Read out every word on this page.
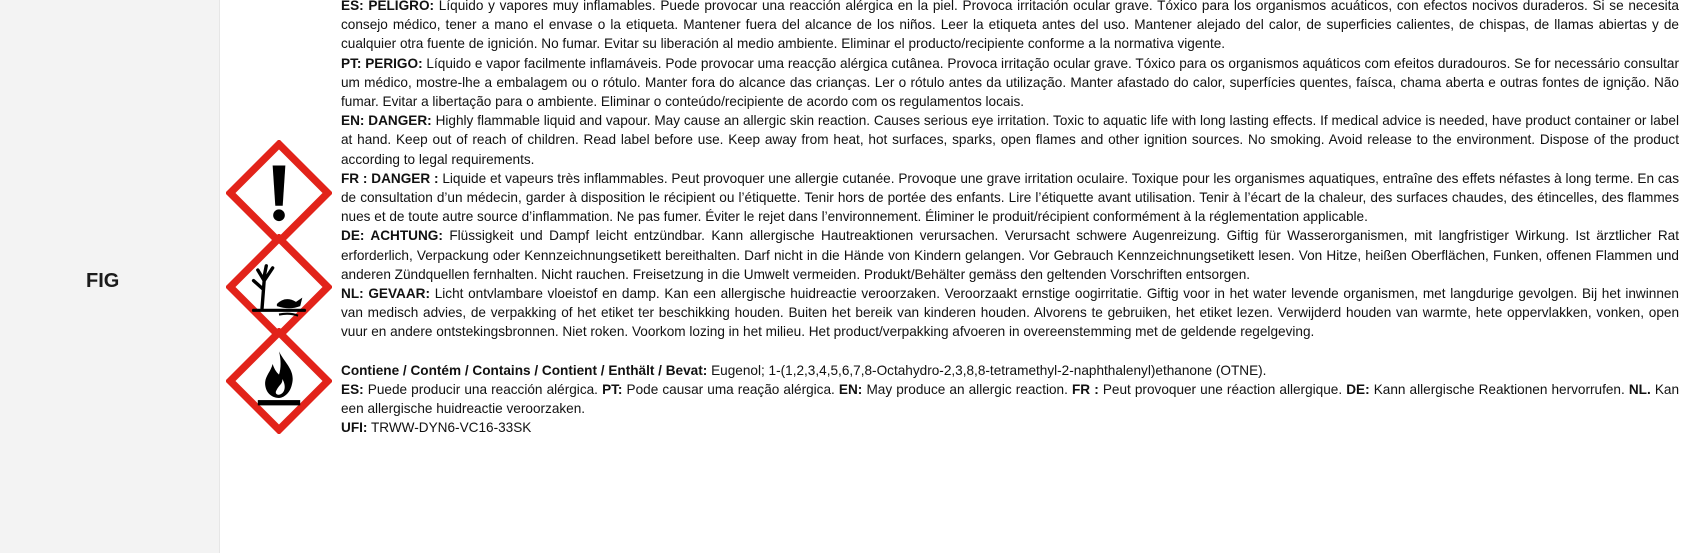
FIG

ES: PELIGRO: Líquido y vapores muy inflamables. Puede provocar una reacción alérgica en la piel. Provoca irritación ocular grave. Tóxico para los organismos acuáticos, con efectos nocivos duraderos. Si se necesita consejo médico, tener a mano el envase o la etiqueta. Mantener fuera del alcance de los niños. Leer la etiqueta antes del uso. Mantener alejado del calor, de superficies calientes, de chispas, de llamas abiertas y de cualquier otra fuente de ignición. No fumar. Evitar su liberación al medio ambiente. Eliminar el producto/recipiente conforme a la normativa vigente.

PT: PERIGO: Líquido e vapor facilmente inflamáveis. Pode provocar uma reacção alérgica cutânea. Provoca irritação ocular grave. Tóxico para os organismos aquáticos com efeitos duradouros. Se for necessário consultar um médico, mostre-lhe a embalagem ou o rótulo. Manter fora do alcance das crianças. Ler o rótulo antes da utilização. Manter afastado do calor, superfícies quentes, faísca, chama aberta e outras fontes de ignição. Não fumar. Evitar a libertação para o ambiente. Eliminar o conteúdo/recipiente de acordo com os regulamentos locais.

EN: DANGER: Highly flammable liquid and vapour. May cause an allergic skin reaction. Causes serious eye irritation. Toxic to aquatic life with long lasting effects. If medical advice is needed, have product container or label at hand. Keep out of reach of children. Read label before use. Keep away from heat, hot surfaces, sparks, open flames and other ignition sources. No smoking. Avoid release to the environment. Dispose of the product according to legal requirements.

FR : DANGER : Liquide et vapeurs très inflammables. Peut provoquer une allergie cutanée. Provoque une grave irritation oculaire. Toxique pour les organismes aquatiques, entraîne des effets néfastes à long terme. En cas de consultation d’un médecin, garder à disposition le récipient ou l’étiquette. Tenir hors de portée des enfants. Lire l’étiquette avant utilisation. Tenir à l’écart de la chaleur, des surfaces chaudes, des étincelles, des flammes nues et de toute autre source d’inflammation. Ne pas fumer. Éviter le rejet dans l’environnement. Éliminer le produit/récipient conformément à la réglementation applicable.

DE: ACHTUNG: Flüssigkeit und Dampf leicht entzündbar. Kann allergische Hautreaktionen verursachen. Verursacht schwere Augenreizung. Giftig für Wasserorganismen, mit langfristiger Wirkung. Ist ärztlicher Rat erforderlich, Verpackung oder Kennzeichnungsetikett bereithalten. Darf nicht in die Hände von Kindern gelangen. Vor Gebrauch Kennzeichnungsetikett lesen. Von Hitze, heißen Oberflächen, Funken, offenen Flammen und anderen Zündquellen fernhalten. Nicht rauchen. Freisetzung in die Umwelt vermeiden. Produkt/Behälter gemäss den geltenden Vorschriften entsorgen.

NL: GEVAAR: Licht ontvlambare vloeistof en damp. Kan een allergische huidreactie veroorzaken. Veroorzaakt ernstige oogirritatie. Giftig voor in het water levende organismen, met langdurige gevolgen. Bij het inwinnen van medisch advies, de verpakking of het etiket ter beschikking houden. Buiten het bereik van kinderen houden. Alvorens te gebruiken, het etiket lezen. Verwijderd houden van warmte, hete oppervlakken, vonken, open vuur en andere ontstekingsbronnen. Niet roken. Voorkom lozing in het milieu. Het product/verpakking afvoeren in overeenstemming met de geldende regelgeving.

Contiene / Contém / Contains / Contient / Enthält / Bevat: Eugenol; 1-(1,2,3,4,5,6,7,8-Octahydro-2,3,8,8-tetramethyl-2-naphthalenyl)ethanone (OTNE).

ES: Puede producir una reacción alérgica. PT: Pode causar uma reação alérgica. EN: May produce an allergic reaction. FR : Peut provoquer une réaction allergique. DE: Kann allergische Reaktionen hervorrufen. NL. Kan een allergische huidreactie veroorzaken.

UFI: TRWW-DYN6-VC16-33SK
